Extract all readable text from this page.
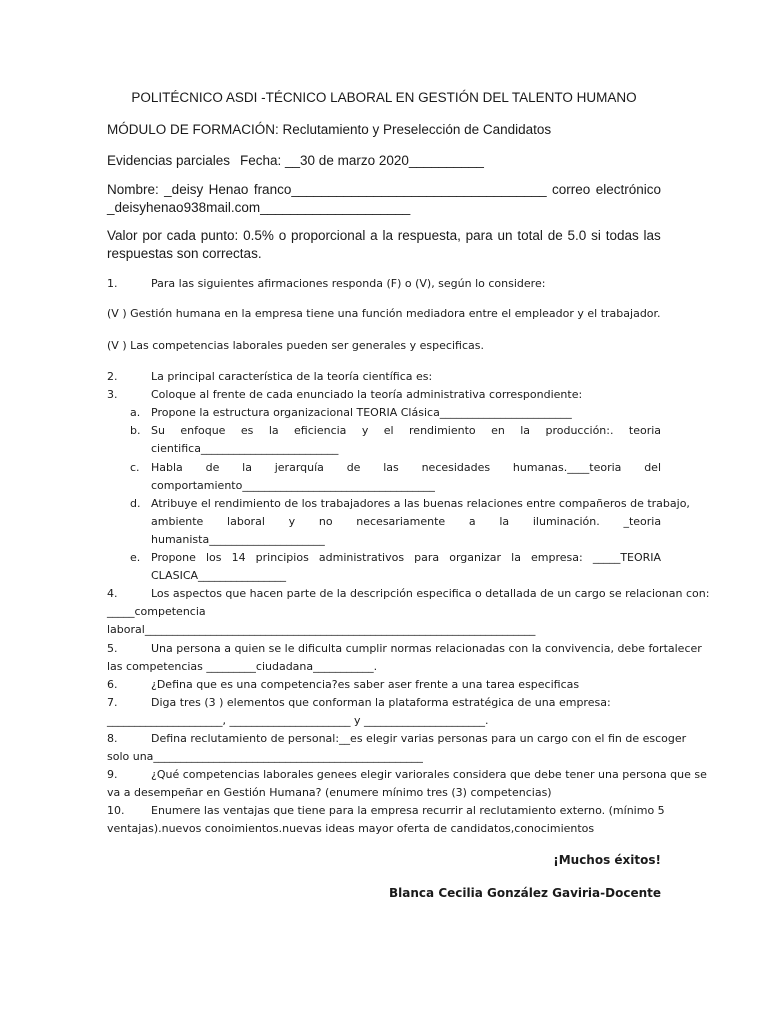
POLITÉCNICO ASDI -TÉCNICO LABORAL EN GESTIÓN DEL TALENTO HUMANO
MÓDULO DE FORMACIÓN: Reclutamiento y Preselección de Candidatos
Evidencias parciales Fecha: __30 de marzo 2020__________
Nombre: _deisy Henao franco__________________________________ correo electrónico
_deisyhenao938mail.com____________________
Valor por cada punto: 0.5% o proporcional a la respuesta, para un total de 5.0 si todas las
respuestas son correctas.
1.	Para las siguientes afirmaciones responda (F) o (V), según lo considere:
(V ) Gestión humana en la empresa tiene una función mediadora entre el empleador y el trabajador.
(V ) Las competencias laborales pueden ser generales y especificas.
2.	La principal característica de la teoría científica es:
3.	Coloque al frente de cada enunciado la teoría administrativa correspondiente:
a. Propone la estructura organizacional TEORIA Clásica________________________
b. Su enfoque es la eficiencia y el rendimiento en la producción:. teoria
cientifica_________________________
c. Habla de la jerarquía de las necesidades humanas.____teoria del
comportamiento___________________________________
d. Atribuye el rendimiento de los trabajadores a las buenas relaciones entre compañeros de trabajo,
ambiente laboral y no necesariamente a la iluminación. _teoria
humanista_____________________
e. Propone los 14 principios administrativos para organizar la empresa: _____TEORIA
CLASICA________________
4.	Los aspectos que hacen parte de la descripción especifica o detallada de un cargo se relacionan con:
_____competencia
laboral_______________________________________________________________________
5.	Una persona a quien se le dificulta cumplir normas relacionadas con la convivencia, debe fortalecer
las competencias _________ciudadana___________.
6.	¿Defina que es una competencia?es saber aser frente a una tarea especificas
7.	Diga tres (3 ) elementos que conforman la plataforma estratégica de una empresa:
_____________________, ______________________ y ______________________.
8.	Defina reclutamiento de personal:__es elegir varias personas para un cargo con el fin de escoger
solo una_________________________________________________
9.	¿Qué competencias laborales genees elegir variorales considera que debe tener una persona que se
va a desempeñar en Gestión Humana? (enumere mínimo tres (3) competencias)
10. Enumere las ventajas que tiene para la empresa recurrir al reclutamiento externo. (mínimo 5
ventajas).nuevos conoimientos.nuevas ideas mayor oferta de candidatos,conocimientos
¡Muchos éxitos!
Blanca Cecilia González Gaviria-Docente
